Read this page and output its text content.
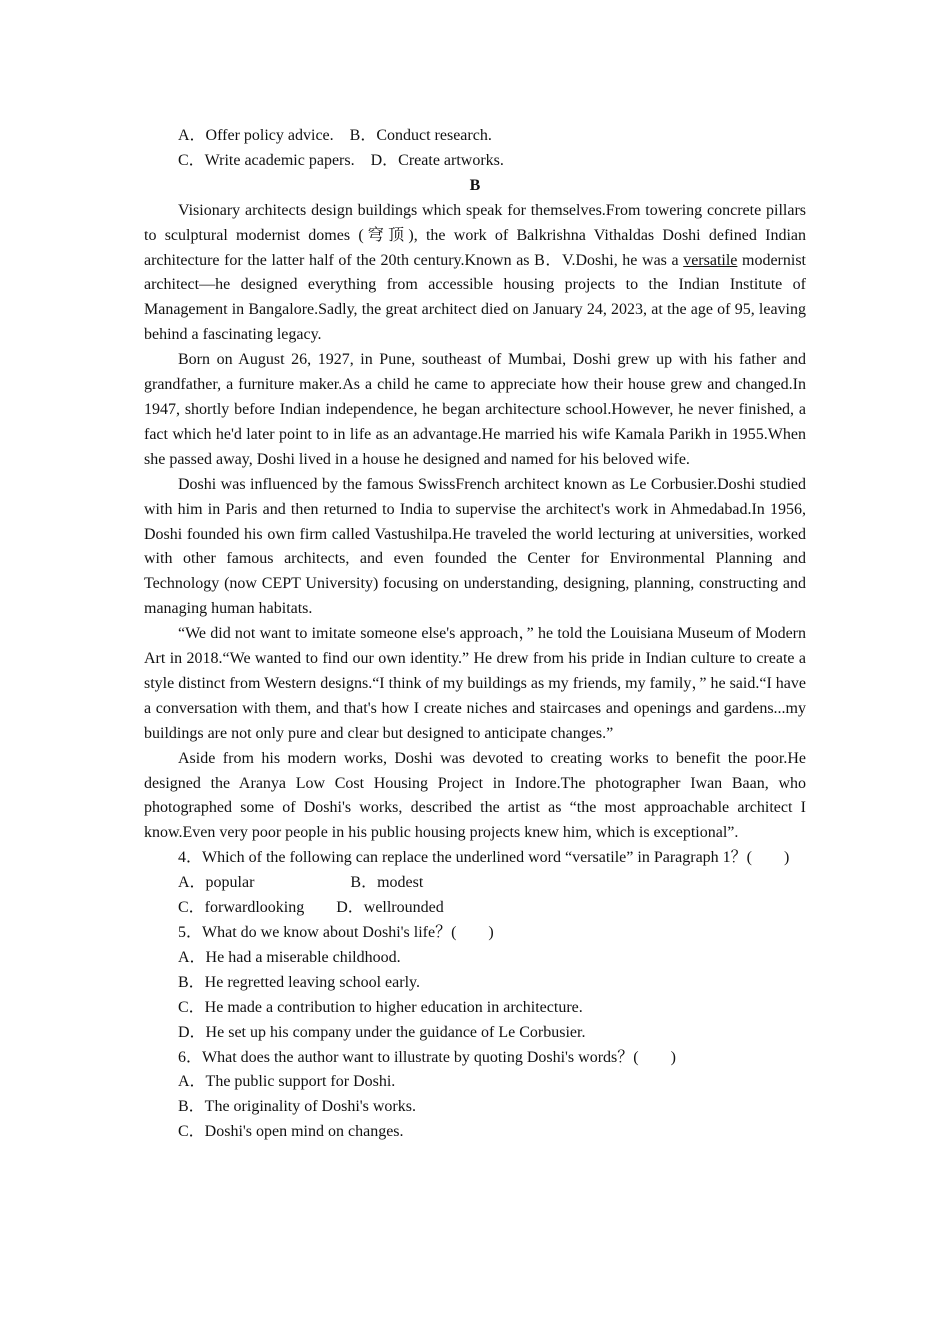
A．Offer policy advice.　B．Conduct research.

C．Write academic papers.　D．Create artworks.

B

Visionary architects design buildings which speak for themselves.From towering concrete pillars to sculptural modernist domes (穹顶), the work of Balkrishna Vithaldas Doshi defined Indian architecture for the latter half of the 20th century.Known as B．V.Doshi, he was a versatile modernist architect—he designed everything from accessible housing projects to the Indian Institute of Management in Bangalore.Sadly, the great architect died on January 24, 2023, at the age of 95, leaving behind a fascinating legacy.

Born on August 26, 1927, in Pune, southeast of Mumbai, Doshi grew up with his father and grandfather, a furniture maker.As a child he came to appreciate how their house grew and changed.In 1947, shortly before Indian independence, he began architecture school.However, he never finished, a fact which he'd later point to in life as an advantage.He married his wife Kamala Parikh in 1955.When she passed away, Doshi lived in a house he designed and named for his beloved wife.

Doshi was influenced by the famous SwissFrench architect known as Le Corbusier.Doshi studied with him in Paris and then returned to India to supervise the architect's work in Ahmedabad.In 1956, Doshi founded his own firm called Vastushilpa.He traveled the world lecturing at universities, worked with other famous architects, and even founded the Center for Environmental Planning and Technology (now CEPT University) focusing on understanding, designing, planning, constructing and managing human habitats.

“We did not want to imitate someone else's approach，” he told the Louisiana Museum of Modern Art in 2018.“We wanted to find our own identity.” He drew from his pride in Indian culture to create a style distinct from Western designs.“I think of my buildings as my friends, my family，” he said.“I have a conversation with them, and that's how I create niches and staircases and openings and gardens...my buildings are not only pure and clear but designed to anticipate changes.”

Aside from his modern works, Doshi was devoted to creating works to benefit the poor.He designed the Aranya Low Cost Housing Project in Indore.The photographer Iwan Baan, who photographed some of Doshi's works, described the artist as “the most approachable architect I know.Even very poor people in his public housing projects knew him, which is exceptional”.

4．Which of the following can replace the underlined word “versatile” in Paragraph 1？(　　)

A．popular　　　　　　B．modest

C．forwardlooking　　D．wellrounded

5．What do we know about Doshi's life？(　　)

A．He had a miserable childhood.

B．He regretted leaving school early.

C．He made a contribution to higher education in architecture.

D．He set up his company under the guidance of Le Corbusier.

6．What does the author want to illustrate by quoting Doshi's words？(　　)

A．The public support for Doshi.

B．The originality of Doshi's works.

C．Doshi's open mind on changes.
